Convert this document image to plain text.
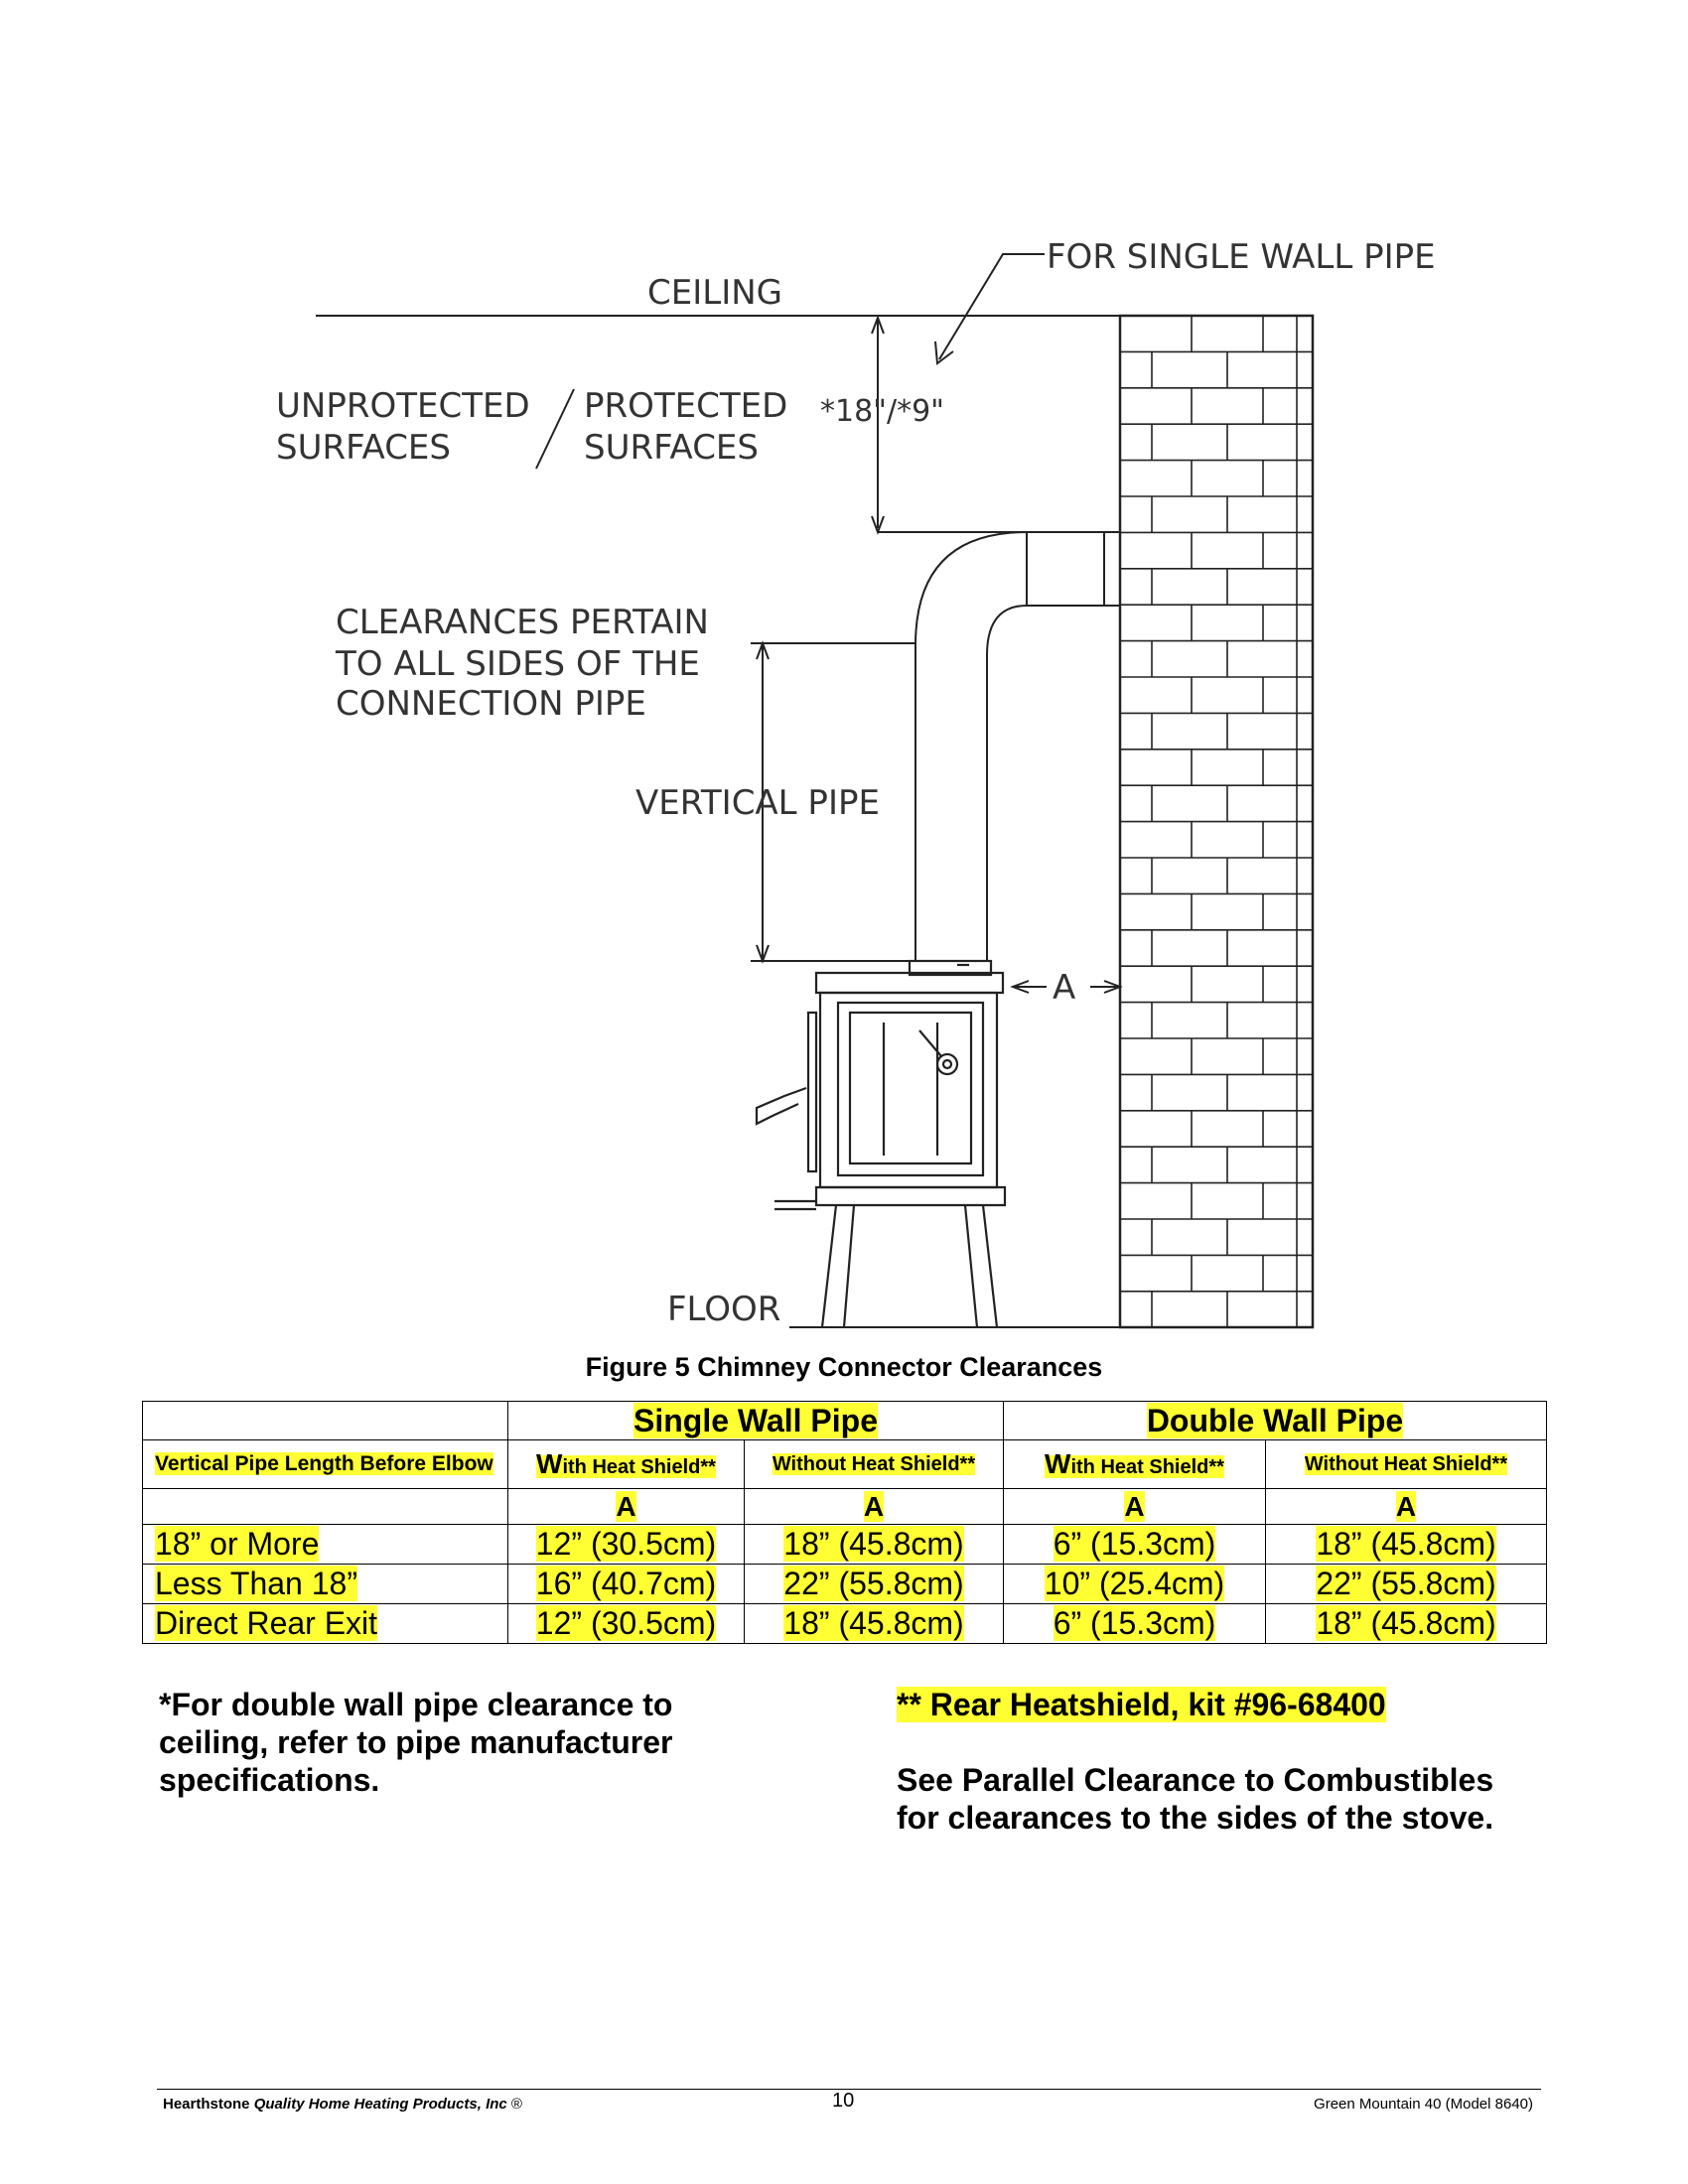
CEILING
FOR SINGLE WALL PIPE
UNPROTECTED
SURFACES
PROTECTED
SURFACES
*18"/*9"
CLEARANCES PERTAIN
TO ALL SIDES OF THE
CONNECTION PIPE
VERTICAL PIPE
A
FLOOR
Figure 5 Chimney Connector Clearances
	Single Wall Pipe		Double Wall Pipe	
Vertical Pipe Length Before Elbow	With Heat Shield**	Without Heat Shield**	With Heat Shield**	Without Heat Shield**
	A	A	A	A
18” or More	12” (30.5cm)	18” (45.8cm)	6” (15.3cm)	18” (45.8cm)
Less Than 18”	16” (40.7cm)	22” (55.8cm)	10” (25.4cm)	22” (55.8cm)
Direct Rear Exit	12” (30.5cm)	18” (45.8cm)	6” (15.3cm)	18” (45.8cm)
*For double wall pipe clearance to
ceiling, refer to pipe manufacturer
specifications.
** Rear Heatshield, kit #96-68400
See Parallel Clearance to Combustibles
for clearances to the sides of the stove.
Hearthstone Quality Home Heating Products, Inc ®	10	Green Mountain 40 (Model 8640)
